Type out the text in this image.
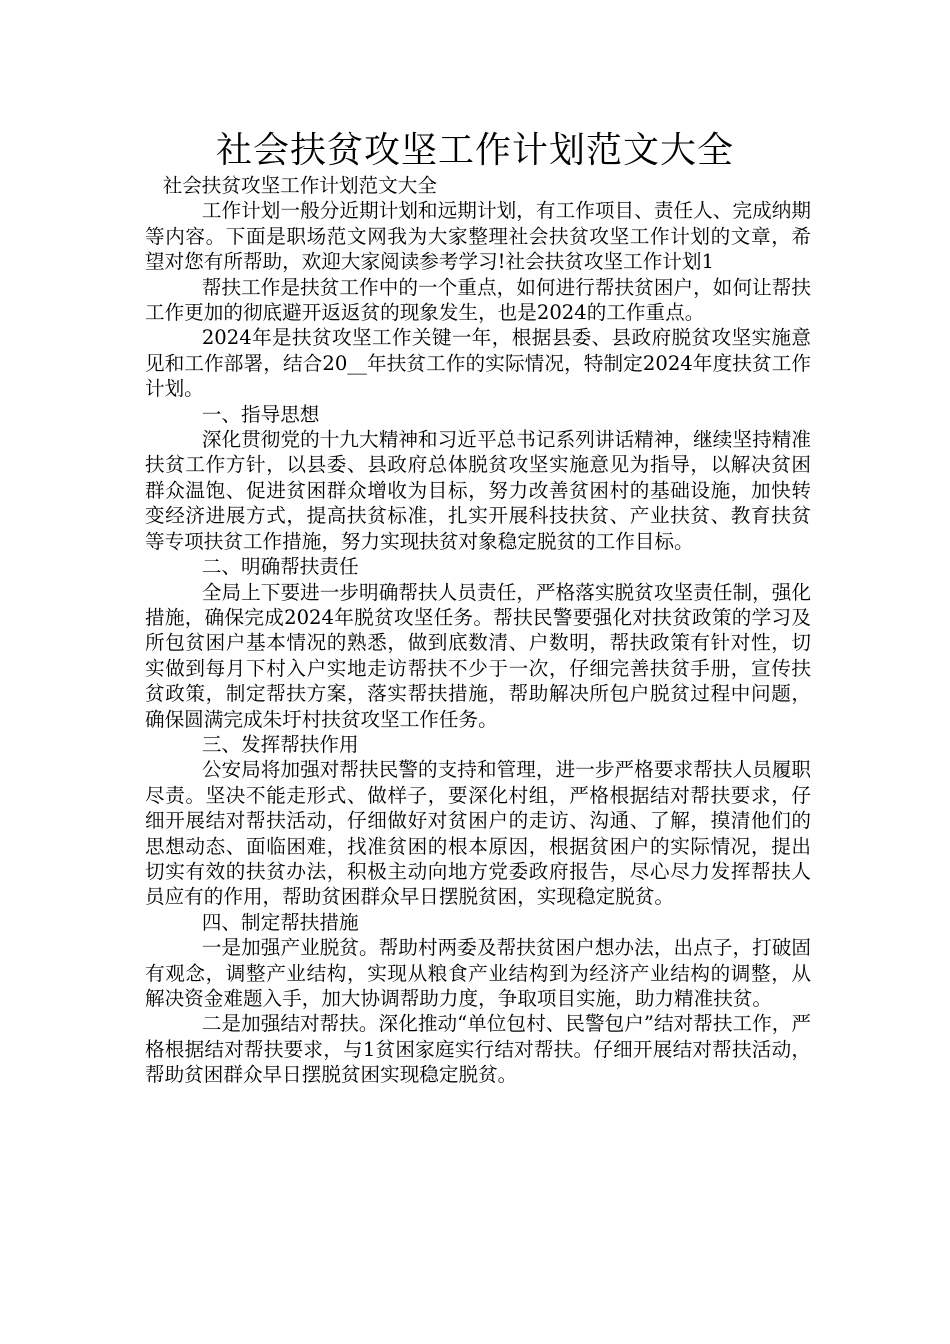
社会扶贫攻坚工作计划范文大全

社会扶贫攻坚工作计划范文大全

工作计划一般分近期计划和远期计划，有工作项目、责任人、完成纳期等内容。下面是职场范文网我为大家整理社会扶贫攻坚工作计划的文章，希望对您有所帮助，欢迎大家阅读参考学习!社会扶贫攻坚工作计划1

帮扶工作是扶贫工作中的一个重点，如何进行帮扶贫困户，如何让帮扶工作更加的彻底避开返返贫的现象发生，也是2024的工作重点。

2024年是扶贫攻坚工作关键一年，根据县委、县政府脱贫攻坚实施意见和工作部署，结合20__年扶贫工作的实际情况，特制定2024年度扶贫工作计划。

一、指导思想

深化贯彻党的十九大精神和习近平总书记系列讲话精神，继续坚持精准扶贫工作方针，以县委、县政府总体脱贫攻坚实施意见为指导，以解决贫困群众温饱、促进贫困群众增收为目标，努力改善贫困村的基础设施，加快转变经济进展方式，提高扶贫标准，扎实开展科技扶贫、产业扶贫、教育扶贫等专项扶贫工作措施，努力实现扶贫对象稳定脱贫的工作目标。

二、明确帮扶责任

全局上下要进一步明确帮扶人员责任，严格落实脱贫攻坚责任制，强化措施，确保完成2024年脱贫攻坚任务。帮扶民警要强化对扶贫政策的学习及所包贫困户基本情况的熟悉，做到底数清、户数明，帮扶政策有针对性，切实做到每月下村入户实地走访帮扶不少于一次，仔细完善扶贫手册，宣传扶贫政策，制定帮扶方案，落实帮扶措施，帮助解决所包户脱贫过程中问题，确保圆满完成朱圩村扶贫攻坚工作任务。

三、发挥帮扶作用

公安局将加强对帮扶民警的支持和管理，进一步严格要求帮扶人员履职尽责。坚决不能走形式、做样子，要深化村组，严格根据结对帮扶要求，仔细开展结对帮扶活动，仔细做好对贫困户的走访、沟通、了解，摸清他们的思想动态、面临困难，找准贫困的根本原因，根据贫困户的实际情况，提出切实有效的扶贫办法，积极主动向地方党委政府报告，尽心尽力发挥帮扶人员应有的作用，帮助贫困群众早日摆脱贫困，实现稳定脱贫。

四、制定帮扶措施

一是加强产业脱贫。帮助村两委及帮扶贫困户想办法，出点子，打破固有观念，调整产业结构，实现从粮食产业结构到为经济产业结构的调整，从解决资金难题入手，加大协调帮助力度，争取项目实施，助力精准扶贫。

二是加强结对帮扶。深化推动“单位包村、民警包户”结对帮扶工作，严格根据结对帮扶要求，与1贫困家庭实行结对帮扶。仔细开展结对帮扶活动，帮助贫困群众早日摆脱贫困实现稳定脱贫。
